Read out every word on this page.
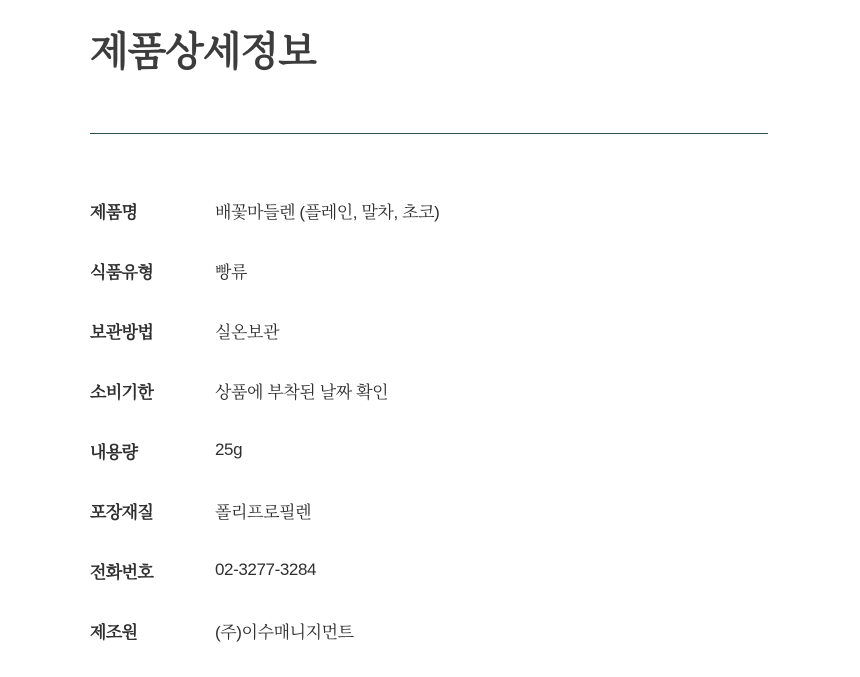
제품상세정보
제품명	배꽃마들렌 (플레인, 말차, 초코)
식품유형	빵류
보관방법	실온보관
소비기한	상품에 부착된 날짜 확인
내용량	25g
포장재질	폴리프로필렌
전화번호	02-3277-3284
제조원	(주)이수매니지먼트
